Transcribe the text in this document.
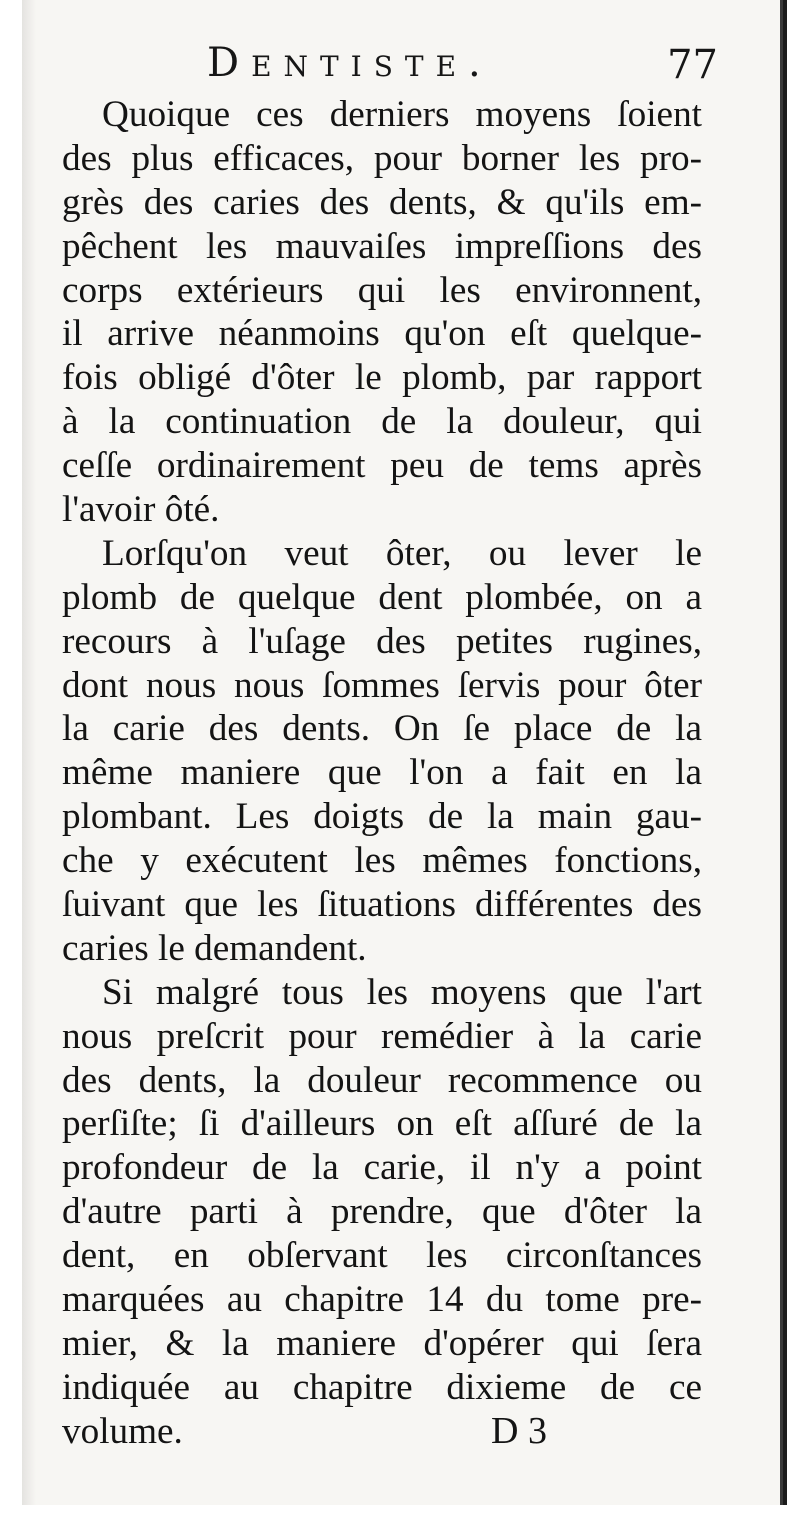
Dentiste.	77
Quoique ces derniers moyens ſoient
des plus efficaces, pour borner les pro-
grès des caries des dents, & qu'ils em-
pêchent les mauvaiſes impreſſions des
corps extérieurs qui les environnent,
il arrive néanmoins qu'on eſt quelque-
fois obligé d'ôter le plomb, par rapport
à la continuation de la douleur, qui
ceſſe ordinairement peu de tems après
l'avoir ôté.
Lorſqu'on veut ôter, ou lever le
plomb de quelque dent plombée, on a
recours à l'uſage des petites rugines,
dont nous nous ſommes ſervis pour ôter
la carie des dents. On ſe place de la
même maniere que l'on a fait en la
plombant. Les doigts de la main gau-
che y exécutent les mêmes fonctions,
ſuivant que les ſituations différentes des
caries le demandent.
Si malgré tous les moyens que l'art
nous preſcrit pour remédier à la carie
des dents, la douleur recommence ou
perſiſte; ſi d'ailleurs on eſt aſſuré de la
profondeur de la carie, il n'y a point
d'autre parti à prendre, que d'ôter la
dent, en obſervant les circonſtances
marquées au chapitre 14 du tome pre-
mier, & la maniere d'opérer qui ſera
indiquée au chapitre dixieme de ce
volume.	D 3
